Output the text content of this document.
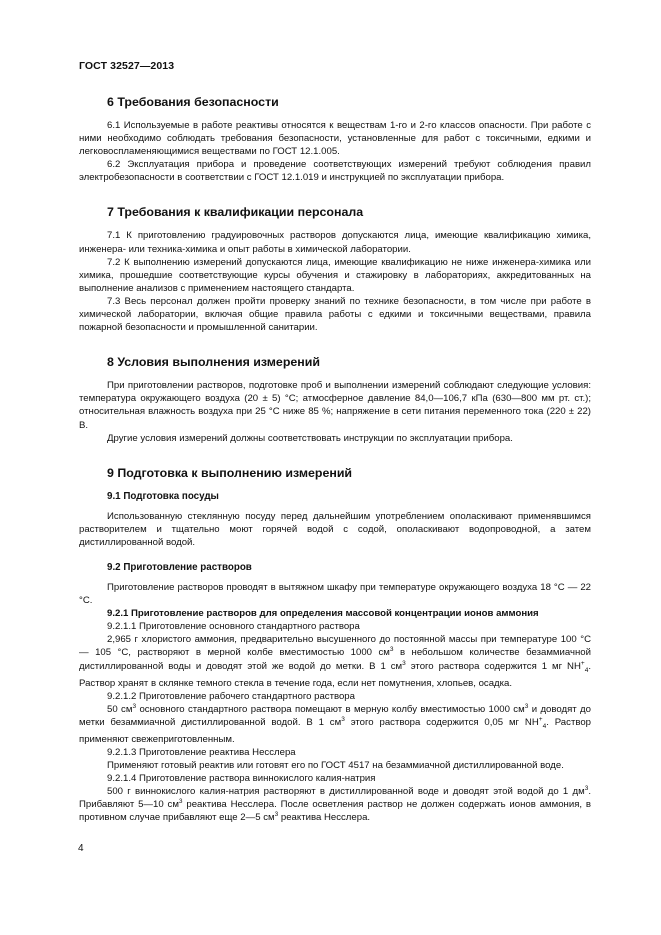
ГОСТ 32527—2013
6 Требования безопасности

6.1 Используемые в работе реактивы относятся к веществам 1-го и 2-го классов опасности. При работе с ними необходимо соблюдать требования безопасности, установленные для работ с токсичными, едкими и легковоспламеняющимися веществами по ГОСТ 12.1.005.

6.2 Эксплуатация прибора и проведение соответствующих измерений требуют соблюдения правил электробезопасности в соответствии с ГОСТ 12.1.019 и инструкцией по эксплуатации прибора.

7 Требования к квалификации персонала

7.1 К приготовлению градуировочных растворов допускаются лица, имеющие квалификацию химика, инженера- или техника-химика и опыт работы в химической лаборатории.

7.2 К выполнению измерений допускаются лица, имеющие квалификацию не ниже инженера-химика или химика, прошедшие соответствующие курсы обучения и стажировку в лабораториях, аккредитованных на выполнение анализов с применением настоящего стандарта.

7.3 Весь персонал должен пройти проверку знаний по технике безопасности, в том числе при работе в химической лаборатории, включая общие правила работы с едкими и токсичными веществами, правила пожарной безопасности и промышленной санитарии.

8 Условия выполнения измерений

При приготовлении растворов, подготовке проб и выполнении измерений соблюдают следующие условия: температура окружающего воздуха (20 ± 5) °С; атмосферное давление 84,0—106,7 кПа (630—800 мм рт. ст.); относительная влажность воздуха при 25 °С ниже 85 %; напряжение в сети питания переменного тока (220 ± 22) В.

Другие условия измерений должны соответствовать инструкции по эксплуатации прибора.

9 Подготовка к выполнению измерений
9.1 Подготовка посуды

Использованную стеклянную посуду перед дальнейшим употреблением ополаскивают применявшимся растворителем и тщательно моют горячей водой с содой, ополаскивают водопроводной, а затем дистиллированной водой.

9.2 Приготовление растворов

Приготовление растворов проводят в вытяжном шкафу при температуре окружающего воздуха 18 °С — 22 °С.

9.2.1 Приготовление растворов для определения массовой концентрации ионов аммония

9.2.1.1 Приготовление основного стандартного раствора

2,965 г хлористого аммония, предварительно высушенного до постоянной массы при температуре 100 °С — 105 °С, растворяют в мерной колбе вместимостью 1000 $см^3$ в небольшом количестве безаммиачной дистиллированной воды и доводят этой же водой до метки. В 1 $см^3$ этого раствора содержится 1 мг $NH^+_4$. Раствор хранят в склянке темного стекла в течение года, если нет помутнения, хлопьев, осадка.

9.2.1.2 Приготовление рабочего стандартного раствора

50 $см^3$ основного стандартного раствора помещают в мерную колбу вместимостью 1000 $см^3$ и доводят до метки безаммиачной дистиллированной водой. В 1 $см^3$ этого раствора содержится 0,05 мг $NH^+_4$. Раствор применяют свежеприготовленным.

9.2.1.3 Приготовление реактива Несслера

Применяют готовый реактив или готовят его по ГОСТ 4517 на безаммиачной дистиллированной воде.

9.2.1.4 Приготовление раствора виннокислого калия-натрия

500 г виннокислого калия-натрия растворяют в дистиллированной воде и доводят этой водой до 1 $дм^3$. Прибавляют 5—10 $см^3$ реактива Несслера. После осветления раствор не должен содержать ионов аммония, в противном случае прибавляют еще 2—5 $см^3$ реактива Несслера.

4
